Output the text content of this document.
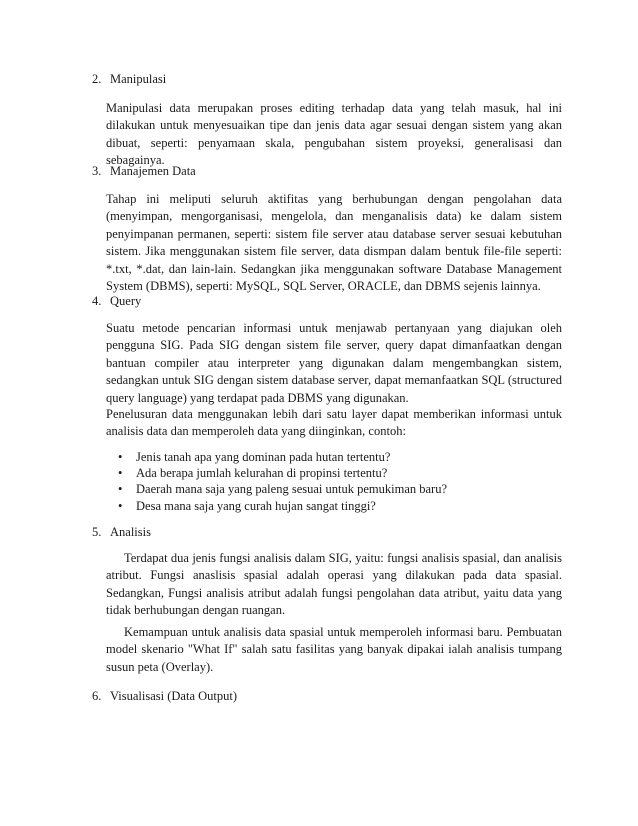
2. Manipulasi

Manipulasi data merupakan proses editing terhadap data yang telah masuk, hal ini dilakukan untuk menyesuaikan tipe dan jenis data agar sesuai dengan sistem yang akan dibuat, seperti: penyamaan skala, pengubahan sistem proyeksi, generalisasi dan sebagainya.

3. Manajemen Data

Tahap ini meliputi seluruh aktifitas yang berhubungan dengan pengolahan data (menyimpan, mengorganisasi, mengelola, dan menganalisis data) ke dalam sistem penyimpanan permanen, seperti: sistem file server atau database server sesuai kebutuhan sistem. Jika menggunakan sistem file server, data dismpan dalam bentuk file-file seperti: *.txt, *.dat, dan lain-lain. Sedangkan jika menggunakan software Database Management System (DBMS), seperti: MySQL, SQL Server, ORACLE, dan DBMS sejenis lainnya.

4. Query

Suatu metode pencarian informasi untuk menjawab pertanyaan yang diajukan oleh pengguna SIG. Pada SIG dengan sistem file server, query dapat dimanfaatkan dengan bantuan compiler atau interpreter yang digunakan dalam mengembangkan sistem, sedangkan untuk SIG dengan sistem database server, dapat memanfaatkan SQL (structured query language) yang terdapat pada DBMS yang digunakan.

Penelusuran data menggunakan lebih dari satu layer dapat memberikan informasi untuk analisis data dan memperoleh data yang diinginkan, contoh:

• Jenis tanah apa yang dominan pada hutan tertentu?
• Ada berapa jumlah kelurahan di propinsi tertentu?
• Daerah mana saja yang paleng sesuai untuk pemukiman baru?
• Desa mana saja yang curah hujan sangat tinggi?
5. Analisis

Terdapat dua jenis fungsi analisis dalam SIG, yaitu: fungsi analisis spasial, dan analisis atribut. Fungsi anaslisis spasial adalah operasi yang dilakukan pada data spasial. Sedangkan, Fungsi analisis atribut adalah fungsi pengolahan data atribut, yaitu data yang tidak berhubungan dengan ruangan.

Kemampuan untuk analisis data spasial untuk memperoleh informasi baru. Pembuatan model skenario "What If" salah satu fasilitas yang banyak dipakai ialah analisis tumpang susun peta (Overlay).

6. Visualisasi (Data Output)
